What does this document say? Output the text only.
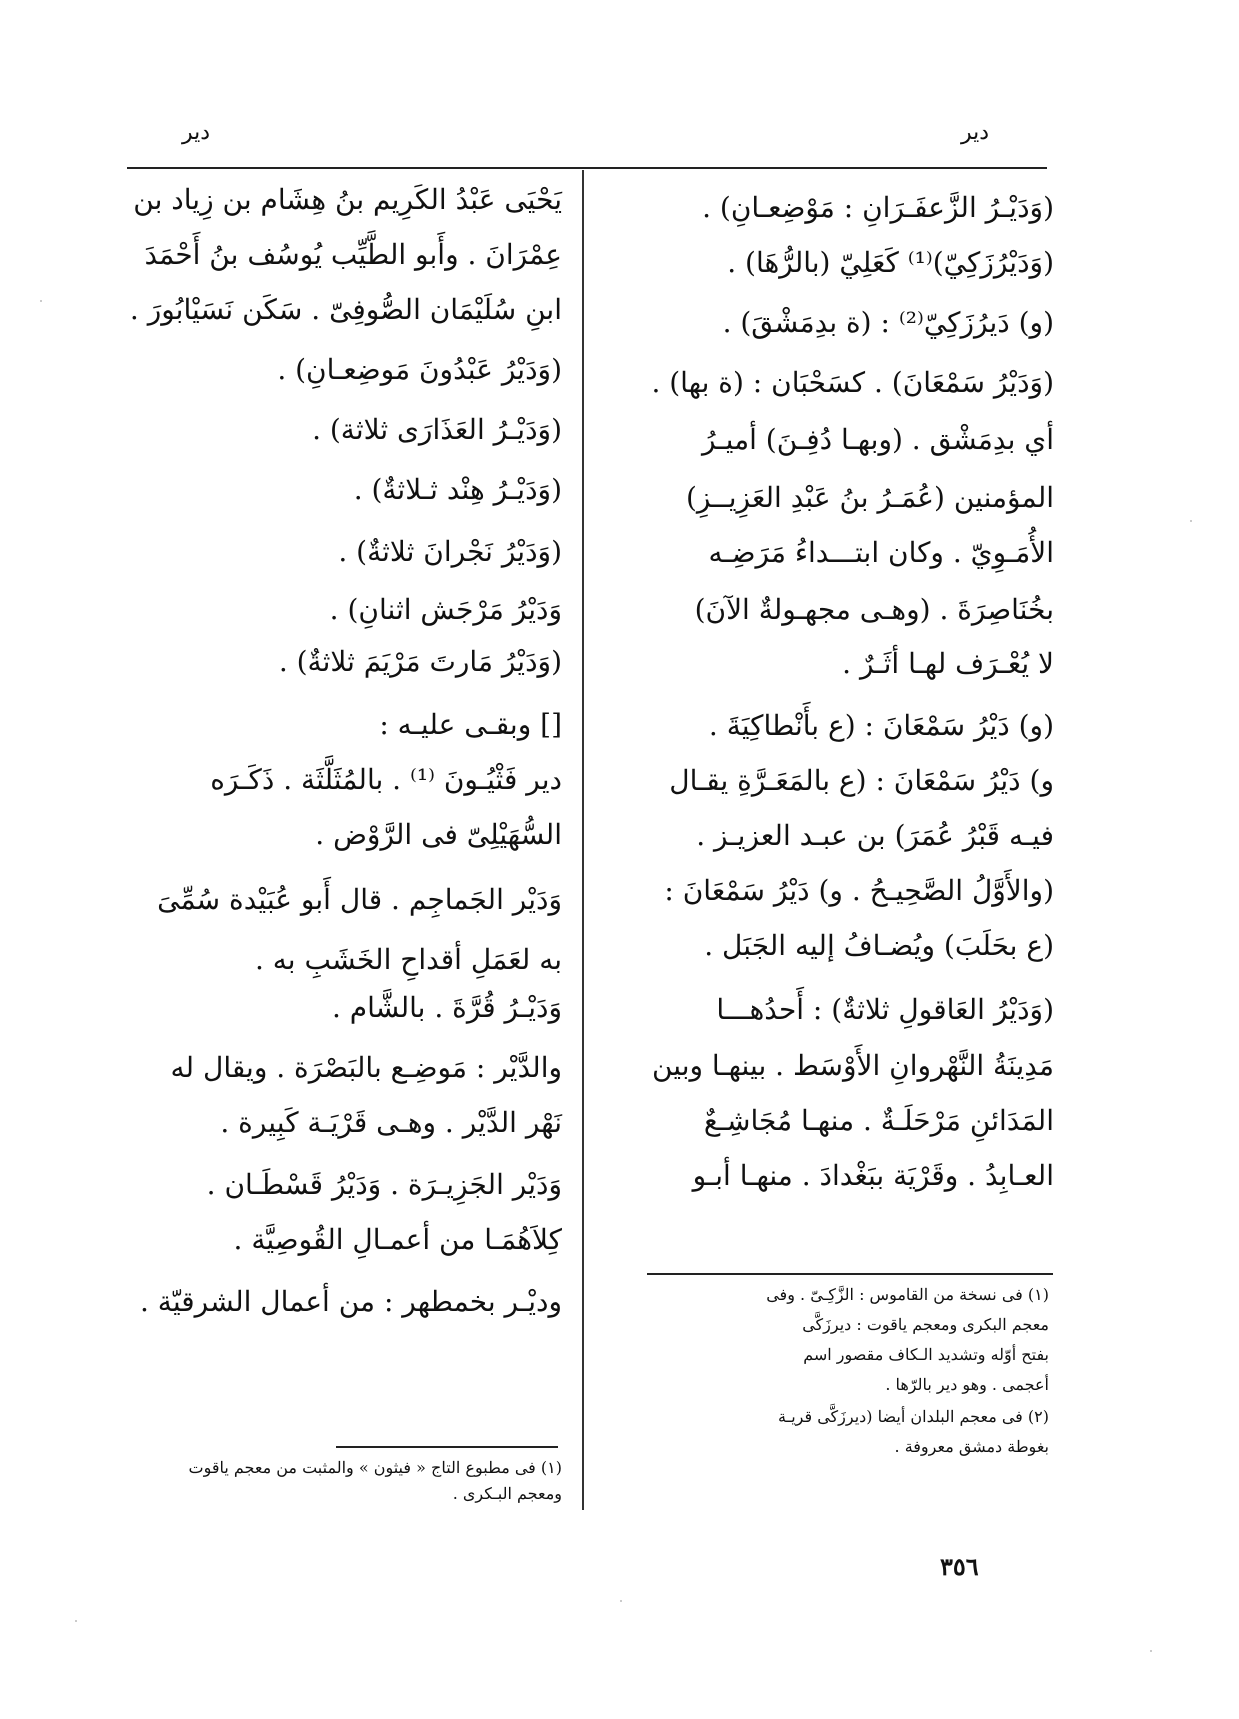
دير
دير
(وَدَيْـرُ الزَّعفَـرَانِ : مَوْضِعـانِ) .
(وَدَيْرُزَكِيّ)⁽¹⁾ كَعَلِيّ (بالرُّهَا) .
(و) دَيرُزَكِيّ⁽²⁾ : (ة بدِمَشْقَ) .
(وَدَيْرُ سَمْعَانَ) . كسَحْبَان : (ة بها) .
أي بدِمَشْق . (وبهـا دُفِـنَ) أميـرُ
المؤمنين (عُمَـرُ بنُ عَبْدِ العَزِيــزِ)
الأُمَـوِيّ . وكان ابتـــداءُ مَرَضِـه
بخُنَاصِرَةَ . (وهـى مجهـولةٌ الآنَ)
لا يُعْـرَف لهـا أثَـرٌ .
(و) دَيْرُ سَمْعَانَ : (ع بأَنْطاكِيَةَ .
و) دَيْرُ سَمْعَانَ : (ع بالمَعَـرَّةِ يقـال
فيـه قَبْرُ عُمَرَ) بن عبـد العزيـز .
(والأَوَّلُ الصَّحِيـحُ . و) دَيْرُ سَمْعَانَ :
(ع بحَلَبَ) ويُضـافُ إليه الجَبَل .
(وَدَيْرُ العَاقولِ ثلاثةٌ) : أَحدُهـــا
مَدِينَةُ النَّهْروانِ الأَوْسَط . بينهـا وبين
المَدَائنِ مَرْحَلَـةٌ . منهـا مُجَاشِـعٌ
العـابِدُ . وقَرْيَة ببَغْدادَ . منهـا أبـو
(١) فى نسخة من القاموس : الزَّكِـىّ . وفى
معجم البكرى ومعجم ياقوت : ديرزَكَّى
بفتح أوّله وتشديد الـكاف مقصور اسم
أعجمى . وهو دير بالرّها .
(٢) فى معجم البلدان أيضا (ديرزَكَّى قريـة
بغوطة دمشق معروفة .
يَحْيَى عَبْدُ الكَرِيم بنُ هِشَام بن زِياد بن
عِمْرَانَ . وأَبو الطَّيِّب يُوسُف بنُ أَحْمَدَ
ابنِ سُلَيْمَان الصُّوفِىّ . سَكَن نَسَيْابُورَ .
(وَدَيْرُ عَبْدُونَ مَوضِعـانِ) .
(وَدَيْـرُ العَذَارَى ثلاثة) .
(وَدَيْـرُ هِنْد ثـلاثةٌ) .
(وَدَيْرُ نَجْرانَ ثلاثةٌ) .
وَدَيْرُ مَرْجَش اثنانِ) .
(وَدَيْرُ مَارتَ مَرْيَمَ ثلاثةٌ) .
[] وبقـى عليـه :
دير فَثْيُـونَ ⁽¹⁾ . بالمُثَلَّثَة . ذَكَـرَه
السُّهَيْلِىّ فى الرَّوْض .
وَدَيْر الجَماجِم . قال أَبو عُبَيْدة سُمِّىَ
به لعَمَلِ أقداحِ الخَشَبِ به .
وَدَيْـرُ قُرَّةَ . بالشَّام .
والدَّيْر : مَوضِـع بالبَصْرَة . ويقال له
نَهْر الدَّيْر . وهـى قَرْيَـة كَبِيرة .
وَدَيْر الجَزِيـرَة . وَدَيْرُ قَسْطَـان .
كِلاَهُمَـا من أعمـالِ القُوصِيَّة .
وديْـر بخمطهر : من أعمال الشرقيّة .
(١) فى مطبوع التاج « فيثون » والمثبت من معجم ياقوت
ومعجم البـكرى .
٣٥٦
